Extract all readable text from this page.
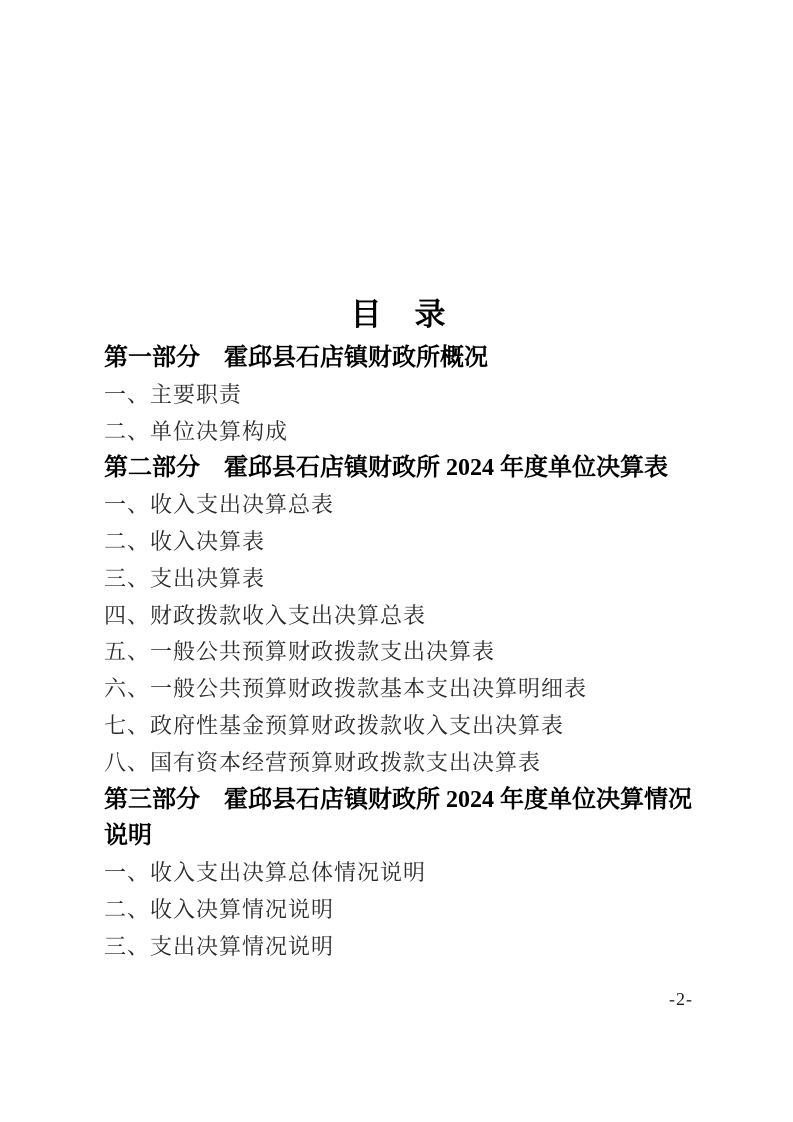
目　录
第一部分　霍邱县石店镇财政所概况
一、主要职责
二、单位决算构成
第二部分　霍邱县石店镇财政所 2024 年度单位决算表
一、收入支出决算总表
二、收入决算表
三、支出决算表
四、财政拨款收入支出决算总表
五、一般公共预算财政拨款支出决算表
六、一般公共预算财政拨款基本支出决算明细表
七、政府性基金预算财政拨款收入支出决算表
八、国有资本经营预算财政拨款支出决算表
第三部分　霍邱县石店镇财政所 2024 年度单位决算情况说明
一、收入支出决算总体情况说明
二、收入决算情况说明
三、支出决算情况说明
-2-
